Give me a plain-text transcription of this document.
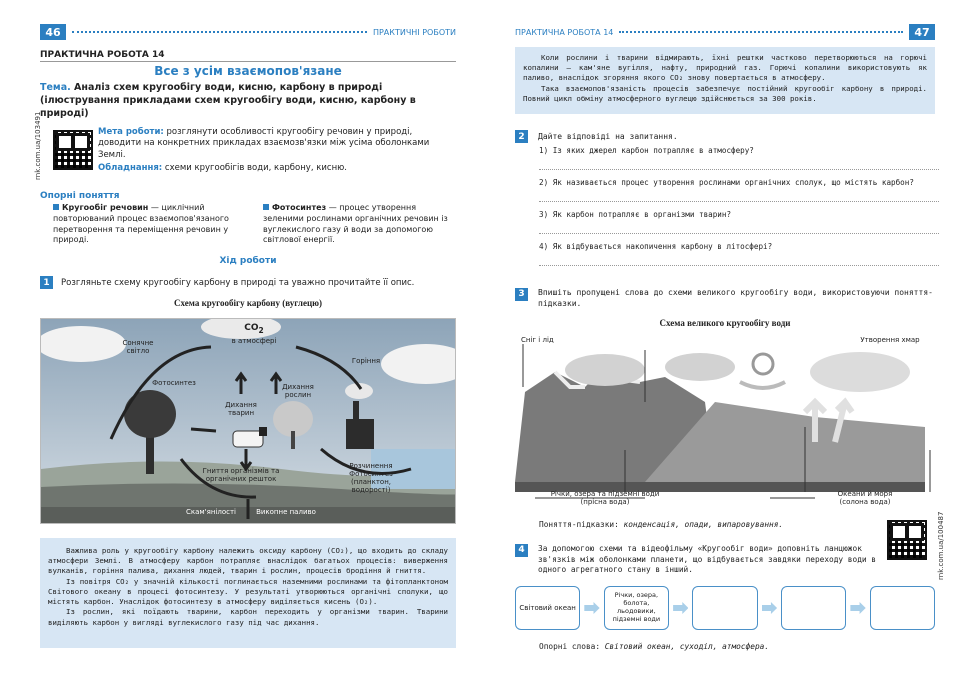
46	ПРАКТИЧНІ РОБОТИ
ПРАКТИЧНА РОБОТА 14
Все з усім взаємопов'язане
Тема. Аналіз схем кругообігу води, кисню, карбону в природі (ілюстрування прикладами схем кругообігу води, кисню, карбону в природі)
rnk.com.ua/103491	Мета роботи: розглянути особливості кругообігу речовин у природі, доводити на конкретних прикладах взаємозв'язки між усіма оболонками Землі.
Обладнання: схеми кругообігів води, карбону, кисню.
Опорні поняття
Кругообіг речовин — циклічний повторюваний процес взаємопов'язаного перетворення та переміщення речовин у природі.
Фотосинтез — процес утворення зеленими рослинами органічних речовин із вуглекислого газу й води за допомогою світлової енергії.
Хід роботи
1	Розгляньте схему кругообігу карбону в природі та уважно прочитайте її опис.
Схема кругообігу карбону (вуглецю)
Сонячне світло
$CO_2$
в атмосфері
Фотосинтез
Дихання тварин
Дихання рослин
Горіння
Гниття організмів та органічних решток
Розчинення Фотосинтез (планктон, водорості)
Скам'янілості	Викопне паливо

Важлива роль у кругообігу карбону належить оксиду карбону (CO₂), що входить до складу атмосфери Землі. В атмосферу карбон потрапляє внаслідок багатьох процесів: виверження вулканів, горіння палива, дихання людей, тварин і рослин, процесів бродіння й гниття.

Із повітря CO₂ у значній кількості поглинається наземними рослинами та фітопланктоном Світового океану в процесі фотосинтезу. У результаті утворюються органічні сполуки, що містять карбон. Унаслідок фотосинтезу в атмосферу виділяється кисень (O₂).

Із рослин, які поїдають тварини, карбон переходить у організми тварин. Тварини виділяють карбон у вигляді вуглекислого газу під час дихання.

ПРАКТИЧНА РОБОТА 14	47

Коли рослини і тварини відмирають, їхні рештки частково перетворюються на горючі копалини — кам'яне вугілля, нафту, природний газ. Горючі копалини використовують як паливо, внаслідок згоряння якого CO₂ знову повертається в атмосферу.

Така взаємопов'язаність процесів забезпечує постійний кругообіг карбону в природі. Повний цикл обміну атмосферного вуглецю здійснюється за 300 років.

2	Дайте відповіді на запитання.
1) Із яких джерел карбон потрапляє в атмосферу?
2) Як називається процес утворення рослинами органічних сполук, що містять карбон?
3) Як карбон потрапляє в організми тварин?
4) Як відбувається накопичення карбону в літосфері?
3	Впишіть пропущені слова до схеми великого кругообігу води, використовуючи поняття-підказки.
Схема великого кругообігу води
Сніг і лід	Утворення хмар
Річки, озера та підземні води
(прісна вода)
Океани й моря
(солона вода)
Поняття-підказки: конденсація, опади, випаровування.	rnk.com.ua/100487
4	За допомогою схеми та відеофільму «Кругообіг води» доповніть ланцюжок зв'язків між оболонками планети, що відбувається завдяки переходу води в одного агрегатного стану в інший.
Світовий океан
Річки, озера, болота, льодовики, підземні води
Опорні слова: Світовий океан, суходіл, атмосфера.
